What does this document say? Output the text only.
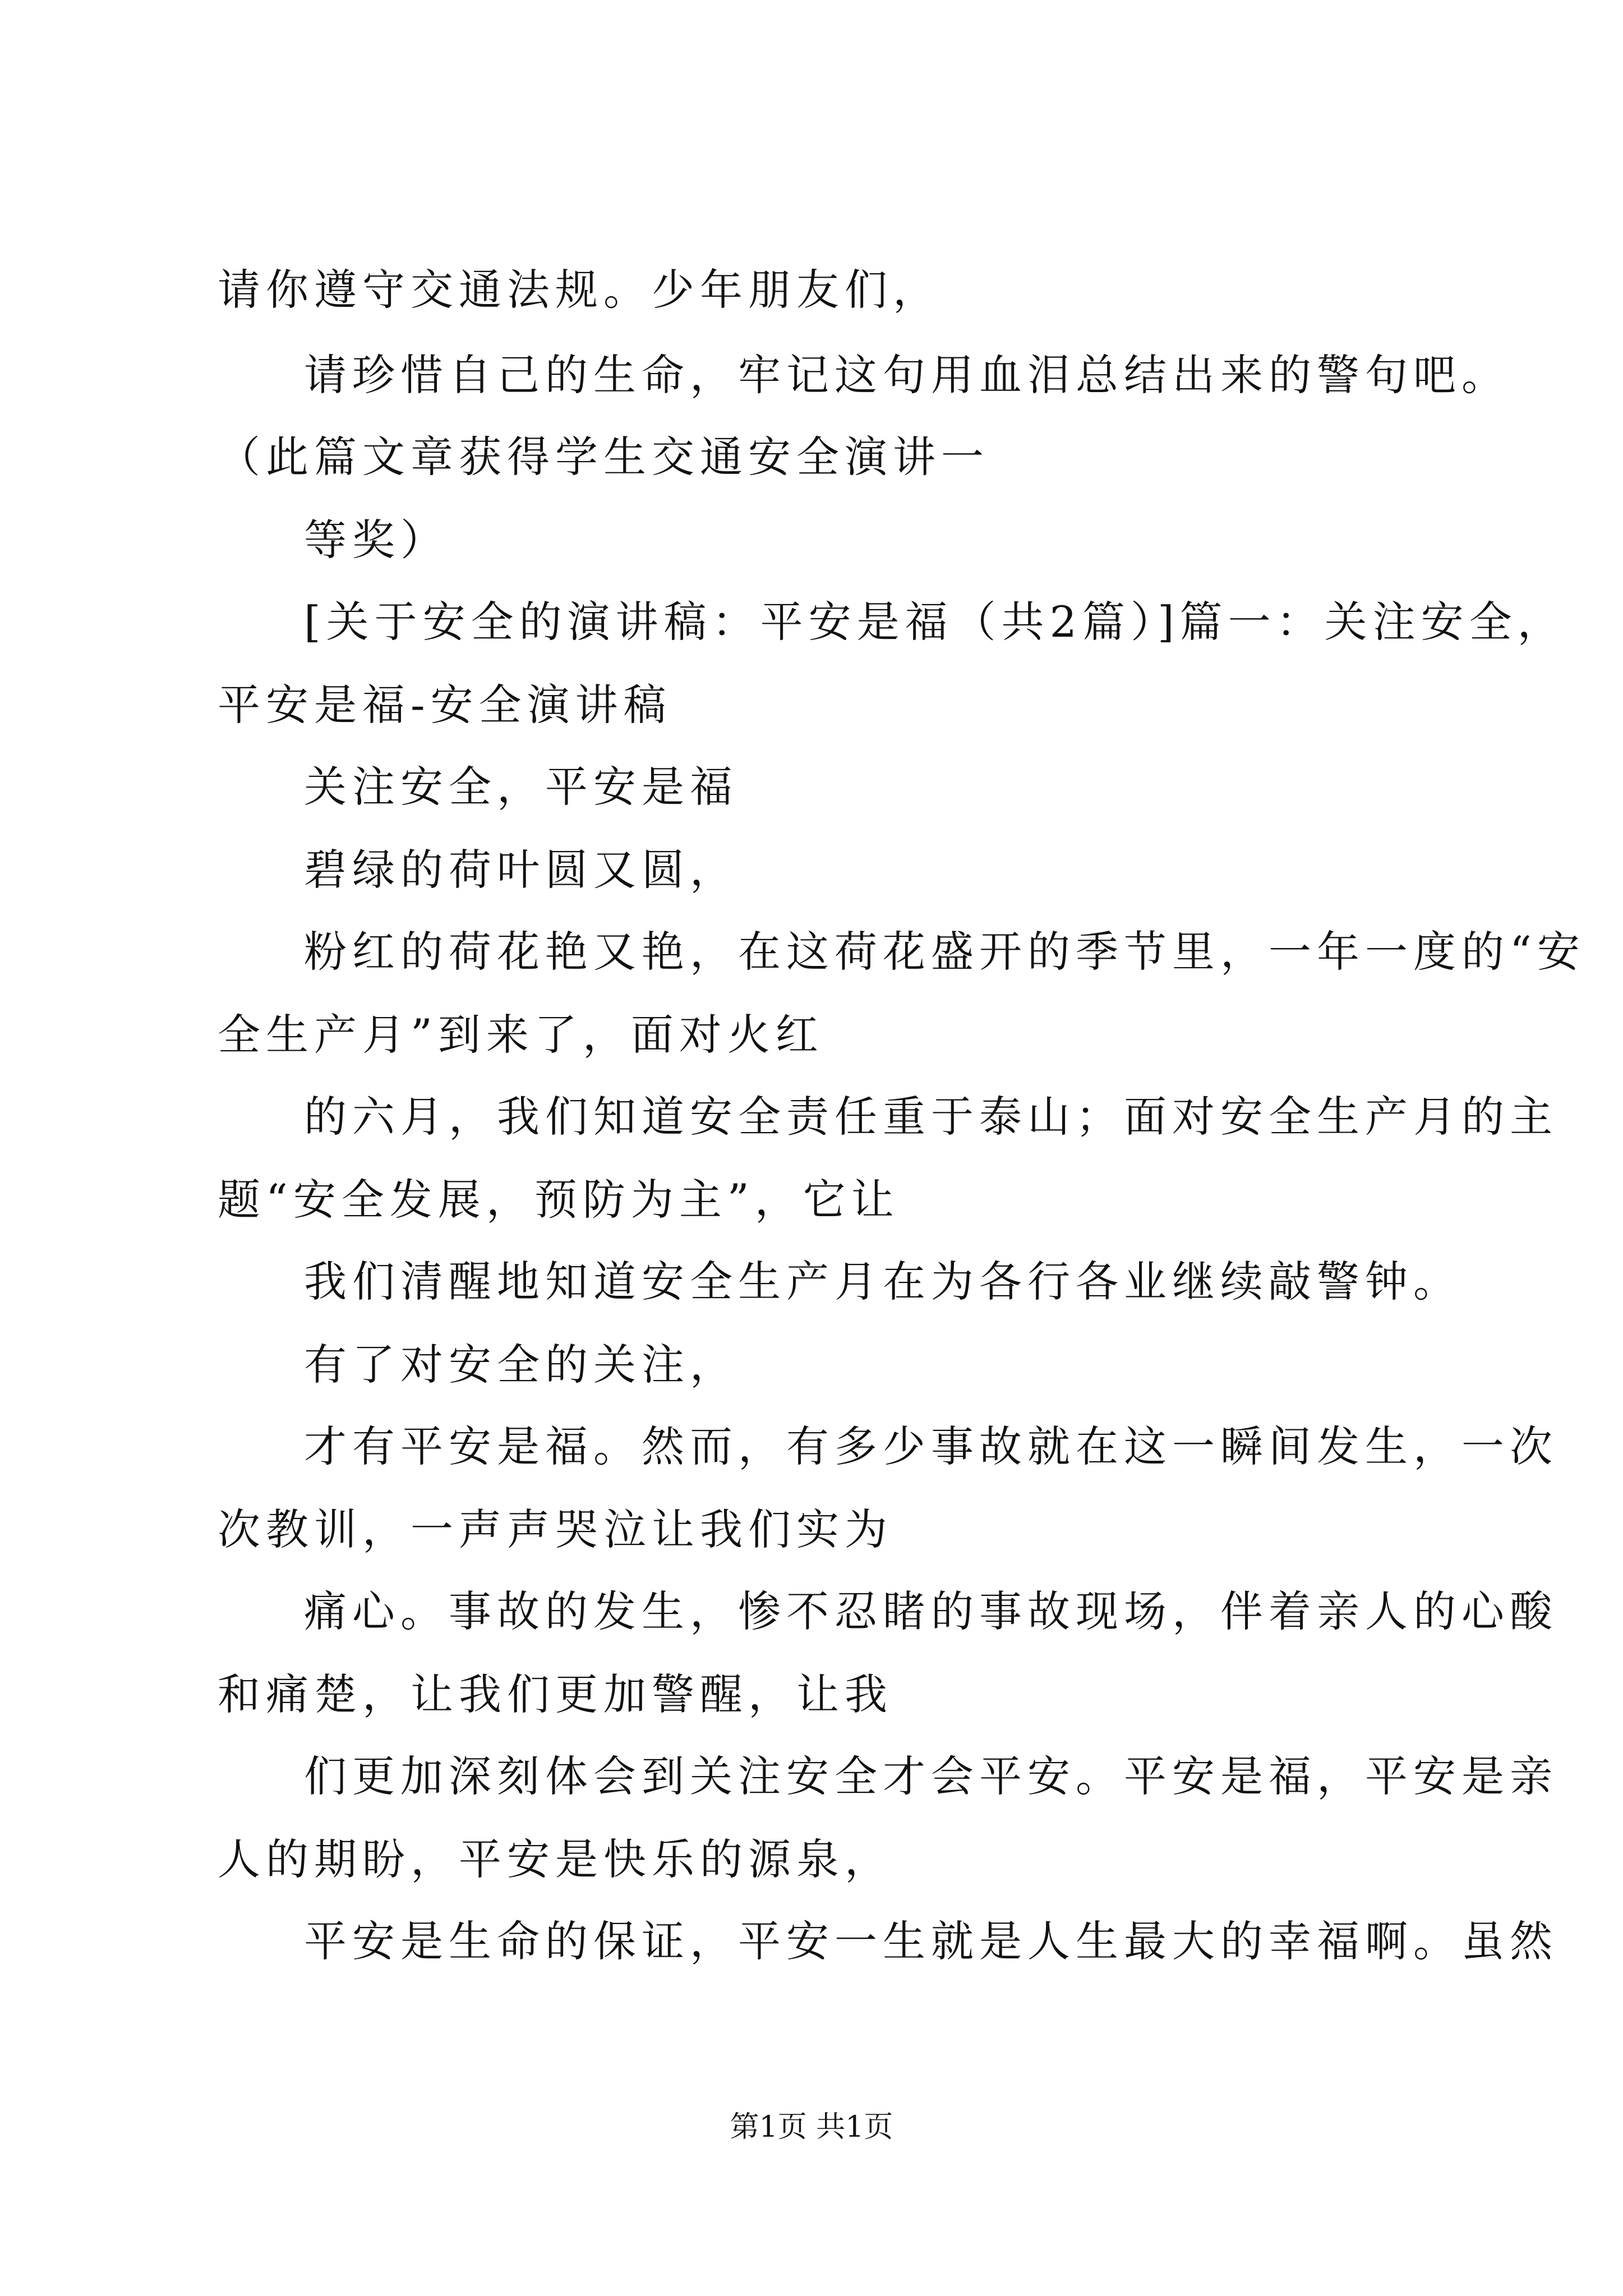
请你遵守交通法规。少年朋友们，
请珍惜自己的生命，牢记这句用血泪总结出来的警句吧。
（此篇文章获得学生交通安全演讲一
等奖）
[关于安全的演讲稿：平安是福（共2篇）]篇一：关注安全，
平安是福-安全演讲稿
关注安全，平安是福
碧绿的荷叶圆又圆，
粉红的荷花艳又艳，在这荷花盛开的季节里，一年一度的“安
全生产月”到来了，面对火红
的六月，我们知道安全责任重于泰山；面对安全生产月的主
题“安全发展，预防为主”，它让
我们清醒地知道安全生产月在为各行各业继续敲警钟。
有了对安全的关注，
才有平安是福。然而，有多少事故就在这一瞬间发生，一次
次教训，一声声哭泣让我们实为
痛心。事故的发生，惨不忍睹的事故现场，伴着亲人的心酸
和痛楚，让我们更加警醒，让我
们更加深刻体会到关注安全才会平安。平安是福，平安是亲
人的期盼，平安是快乐的源泉，
平安是生命的保证，平安一生就是人生最大的幸福啊。虽然
第1页 共1页
